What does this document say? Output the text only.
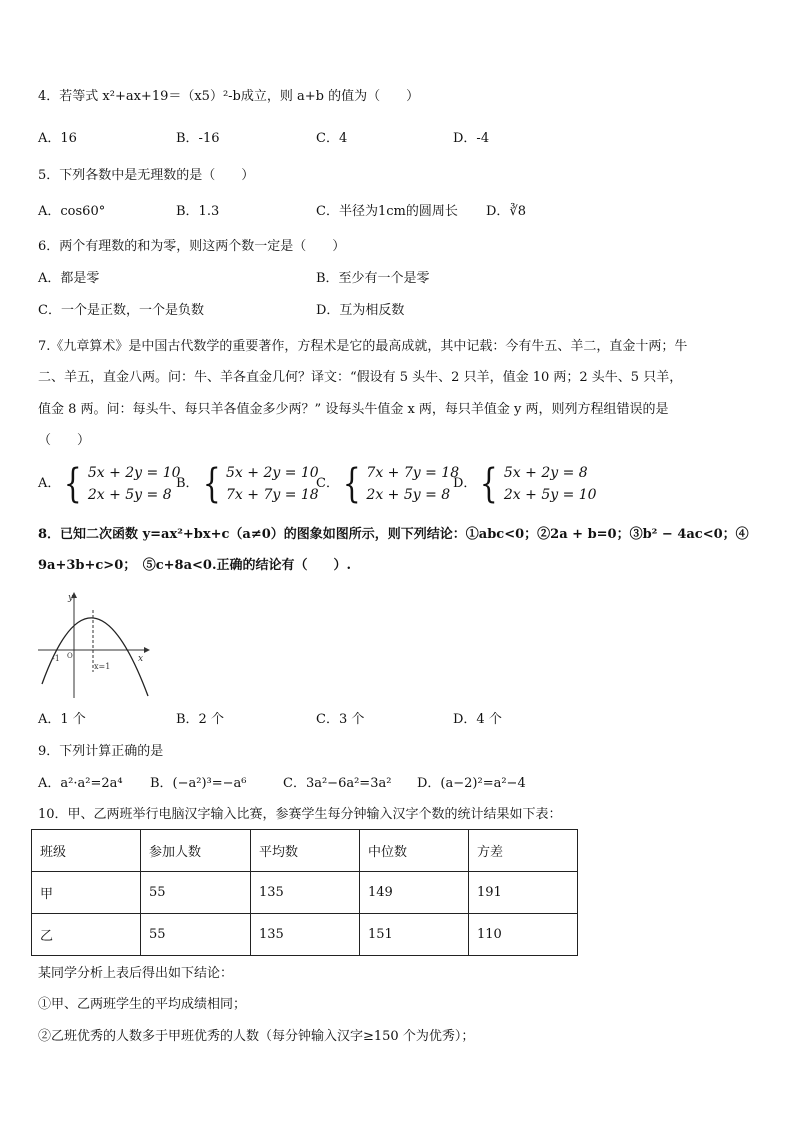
4．若等式 x²+ax+19＝（x5）²-b成立，则 a+b 的值为（　　）
A．16	B．-16	C．4	D．-4
5．下列各数中是无理数的是（　　）
A．cos60°	B．1.3	C．半径为1cm的圆周长 D．∛8
6．两个有理数的和为零，则这两个数一定是（　　）
A．都是零	B．至少有一个是零
C．一个是正数，一个是负数	D．互为相反数
7.《九章算术》是中国古代数学的重要著作，方程术是它的最高成就，其中记载：今有牛五、羊二，直金十两；牛
二、羊五，直金八两。问：牛、羊各直金几何？译文：“假设有 5 头牛、2 只羊，值金 10 两；2 头牛、5 只羊，
值金 8 两。问：每头牛、每只羊各值金多少两？” 设每头牛值金 x 两，每只羊值金 y 两，则列方程组错误的是
（　　）
A． { 5x + 2y = 10
2x + 5y = 8
B． { 5x + 2y = 10
7x + 7y = 18
C． { 7x + 7y = 18
2x + 5y = 8
D． { 5x + 2y = 8
2x + 5y = 10
8．已知二次函数 y=ax²+bx+c（a≠0）的图象如图所示，则下列结论：①abc<0；②2a + b=0；③b² − 4ac<0；④
9a+3b+c>0；　⑤c+8a<0.正确的结论有（　　）.
y
x
O
-1
x=1
A．1 个	B．2 个	C．3 个	D．4 个
9．下列计算正确的是
A．a²·a²=2a⁴ B．(−a²)³=−a⁶	C．3a²−6a²=3a² D．(a−2)²=a²−4
10．甲、乙两班举行电脑汉字输入比赛，参赛学生每分钟输入汉字个数的统计结果如下表：
班级	参加人数	平均数	中位数	方差
甲	55	135	149	191
乙	55	135	151	110
某同学分析上表后得出如下结论：
①甲、乙两班学生的平均成绩相同；
②乙班优秀的人数多于甲班优秀的人数（每分钟输入汉字≥150 个为优秀）；
